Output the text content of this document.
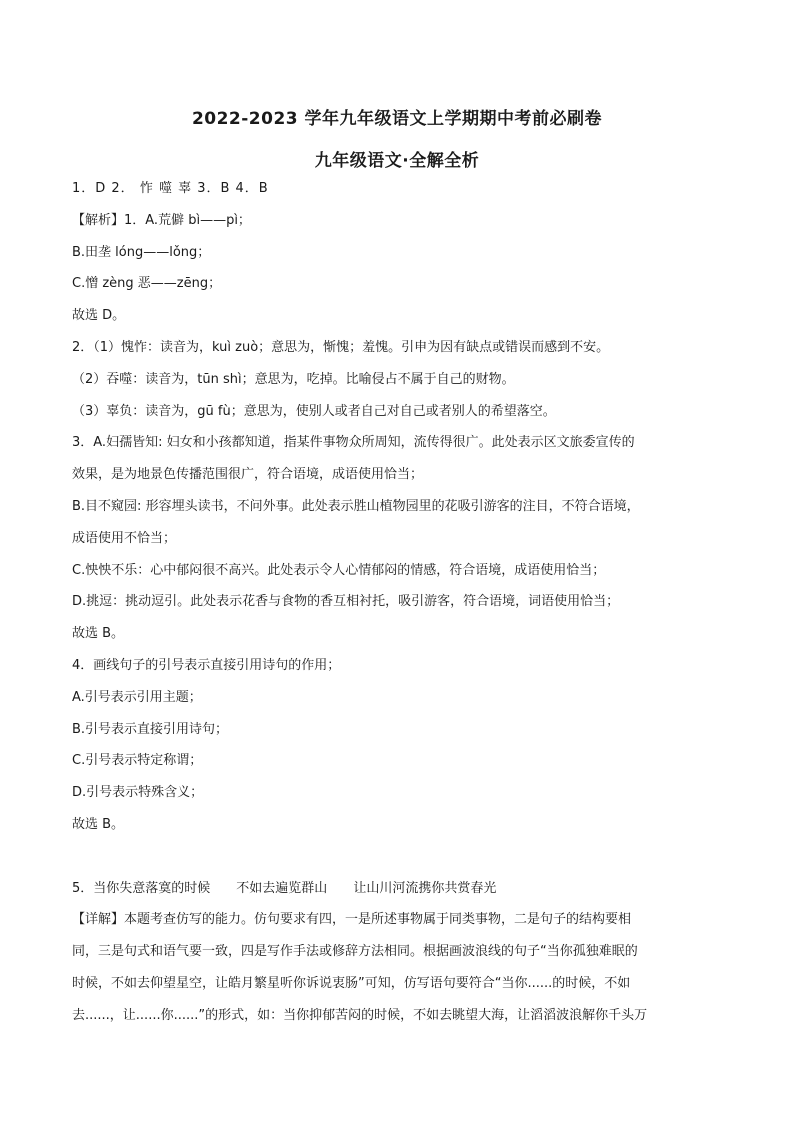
2022-2023 学年九年级语文上学期期中考前必刷卷
九年级语文·全解全析
1．D 2． 怍 噬 辜 3．B 4．B
【解析】1．A.荒僻 bì——pì；
B.田垄 lóng——lǒng；
C.憎 zèng 恶——zēng；
故选 D。
2．（1）愧怍：读音为，kuì zuò；意思为，惭愧；羞愧。引申为因有缺点或错误而感到不安。
（2）吞噬：读音为，tūn shì；意思为，吃掉。比喻侵占不属于自己的财物。
（3）辜负：读音为，gū fù；意思为，使别人或者自己对自己或者别人的希望落空。
3．A.妇孺皆知: 妇女和小孩都知道，指某件事物众所周知，流传得很广。此处表示区文旅委宣传的
效果，是为地景色传播范围很广，符合语境，成语使用恰当；
B.目不窥园: 形容埋头读书，不问外事。此处表示胜山植物园里的花吸引游客的注目，不符合语境，
成语使用不恰当；
C.怏怏不乐：心中郁闷很不高兴。此处表示令人心情郁闷的情感，符合语境，成语使用恰当；
D.挑逗：挑动逗引。此处表示花香与食物的香互相衬托，吸引游客，符合语境，词语使用恰当；
故选 B。
4．画线句子的引号表示直接引用诗句的作用；
A.引号表示引用主题；
B.引号表示直接引用诗句；
C.引号表示特定称谓；
D.引号表示特殊含义；
故选 B。
5．当你失意落寞的时候 不如去遍览群山 让山川河流携你共赏春光
【详解】本题考查仿写的能力。仿句要求有四，一是所述事物属于同类事物，二是句子的结构要相
同，三是句式和语气要一致，四是写作手法或修辞方法相同。根据画波浪线的句子“当你孤独难眠的
时候，不如去仰望星空，让皓月繁星听你诉说衷肠”可知，仿写语句要符合“当你......的时候，不如
去......，让......你......”的形式，如：当你抑郁苦闷的时候，不如去眺望大海，让滔滔波浪解你千头万
